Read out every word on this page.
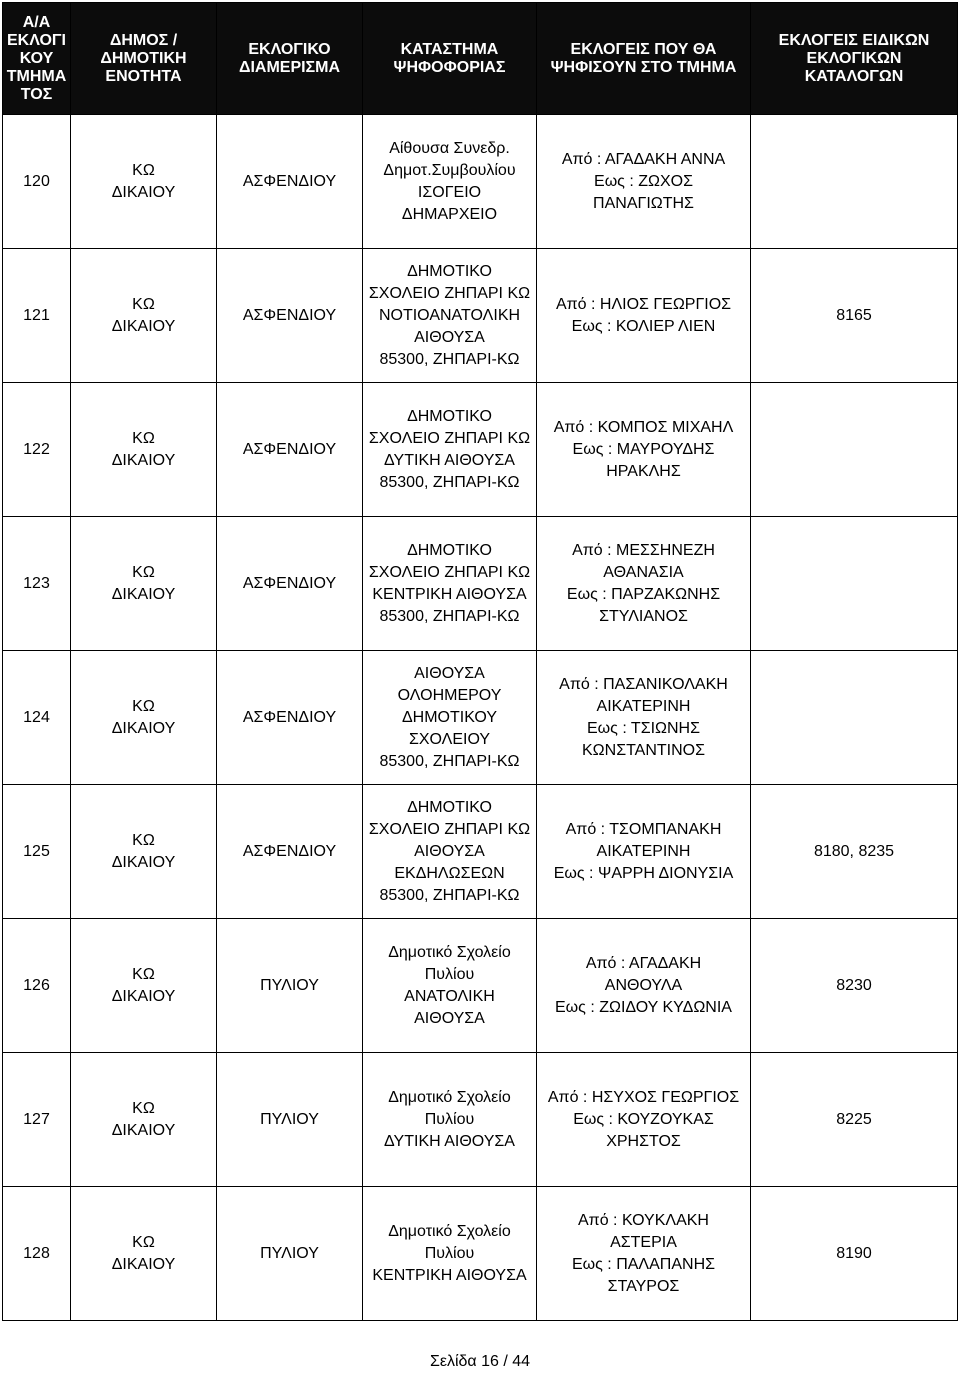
Α/Α
ΕΚΛΟΓΙ
ΚΟΥ
ΤΜΗΜΑ
ΤΟΣ	ΔΗΜΟΣ /
ΔΗΜΟΤΙΚΗ
ΕΝΟΤΗΤΑ	ΕΚΛΟΓΙΚΟ
ΔΙΑΜΕΡΙΣΜΑ	ΚΑΤΑΣΤΗΜΑ
ΨΗΦΟΦΟΡΙΑΣ	ΕΚΛΟΓΕΙΣ ΠΟΥ ΘΑ
ΨΗΦΙΣΟΥΝ ΣΤΟ ΤΜΗΜΑ	ΕΚΛΟΓΕΙΣ ΕΙΔΙΚΩΝ
ΕΚΛΟΓΙΚΩΝ
ΚΑΤΑΛΟΓΩΝ

120	ΚΩ
ΔΙΚΑΙΟΥ	ΑΣΦΕΝΔΙΟΥ	Αίθουσα Συνεδρ.
Δημοτ.Συμβουλίου
ΙΣΟΓΕΙΟ
ΔΗΜΑΡΧΕΙΟ	Από : ΑΓΑΔΑΚΗ ΑΝΝΑ
Εως : ΖΩΧΟΣ
ΠΑΝΑΓΙΩΤΗΣ	

121	ΚΩ
ΔΙΚΑΙΟΥ	ΑΣΦΕΝΔΙΟΥ	ΔΗΜΟΤΙΚΟ
ΣΧΟΛΕΙΟ ΖΗΠΑΡΙ ΚΩ
ΝΟΤΙΟΑΝΑΤΟΛΙΚΗ
ΑΙΘΟΥΣΑ
85300, ΖΗΠΑΡΙ-ΚΩ	Από : ΗΛΙΟΣ ΓΕΩΡΓΙΟΣ
Εως : ΚΟΛΙΕΡ ΛΙΕΝ	8165
122	ΚΩ
ΔΙΚΑΙΟΥ	ΑΣΦΕΝΔΙΟΥ	ΔΗΜΟΤΙΚΟ
ΣΧΟΛΕΙΟ ΖΗΠΑΡΙ ΚΩ
ΔΥΤΙΚΗ ΑΙΘΟΥΣΑ
85300, ΖΗΠΑΡΙ-ΚΩ	Από : ΚΟΜΠΟΣ ΜΙΧΑΗΛ
Εως : ΜΑΥΡΟΥΔΗΣ
ΗΡΑΚΛΗΣ	

123	ΚΩ
ΔΙΚΑΙΟΥ	ΑΣΦΕΝΔΙΟΥ	ΔΗΜΟΤΙΚΟ
ΣΧΟΛΕΙΟ ΖΗΠΑΡΙ ΚΩ
ΚΕΝΤΡΙΚΗ ΑΙΘΟΥΣΑ
85300, ΖΗΠΑΡΙ-ΚΩ	Από : ΜΕΣΣΗΝΕΖΗ
ΑΘΑΝΑΣΙΑ
Εως : ΠΑΡΖΑΚΩΝΗΣ
ΣΤΥΛΙΑΝΟΣ	

124	ΚΩ
ΔΙΚΑΙΟΥ	ΑΣΦΕΝΔΙΟΥ	ΑΙΘΟΥΣΑ
ΟΛΟΗΜΕΡΟΥ
ΔΗΜΟΤΙΚΟΥ
ΣΧΟΛΕΙΟΥ
85300, ΖΗΠΑΡΙ-ΚΩ	Από : ΠΑΣΑΝΙΚΟΛΑΚΗ
ΑΙΚΑΤΕΡΙΝΗ
Εως : ΤΣΙΩΝΗΣ
ΚΩΝΣΤΑΝΤΙΝΟΣ	

125	ΚΩ
ΔΙΚΑΙΟΥ	ΑΣΦΕΝΔΙΟΥ	ΔΗΜΟΤΙΚΟ
ΣΧΟΛΕΙΟ ΖΗΠΑΡΙ ΚΩ
ΑΙΘΟΥΣΑ
ΕΚΔΗΛΩΣΕΩΝ
85300, ΖΗΠΑΡΙ-ΚΩ	Από : ΤΣΟΜΠΑΝΑΚΗ
ΑΙΚΑΤΕΡΙΝΗ
Εως : ΨΑΡΡΗ ΔΙΟΝΥΣΙΑ	8180, 8235
126	ΚΩ
ΔΙΚΑΙΟΥ	ΠΥΛΙΟΥ	Δημοτικό Σχολείο
Πυλίου
ΑΝΑΤΟΛΙΚΗ
ΑΙΘΟΥΣΑ	Από : ΑΓΑΔΑΚΗ
ΑΝΘΟΥΛΑ
Εως : ΖΩΙΔΟΥ ΚΥΔΩΝΙΑ	8230
127	ΚΩ
ΔΙΚΑΙΟΥ	ΠΥΛΙΟΥ	Δημοτικό Σχολείο
Πυλίου
ΔΥΤΙΚΗ ΑΙΘΟΥΣΑ	Από : ΗΣΥΧΟΣ ΓΕΩΡΓΙΟΣ
Εως : ΚΟΥΖΟΥΚΑΣ
ΧΡΗΣΤΟΣ	8225
128	ΚΩ
ΔΙΚΑΙΟΥ	ΠΥΛΙΟΥ	Δημοτικό Σχολείο
Πυλίου
ΚΕΝΤΡΙΚΗ ΑΙΘΟΥΣΑ	Από : ΚΟΥΚΛΑΚΗ
ΑΣΤΕΡΙΑ
Εως : ΠΑΛΑΠΑΝΗΣ
ΣΤΑΥΡΟΣ	8190
Σελίδα 16 / 44
